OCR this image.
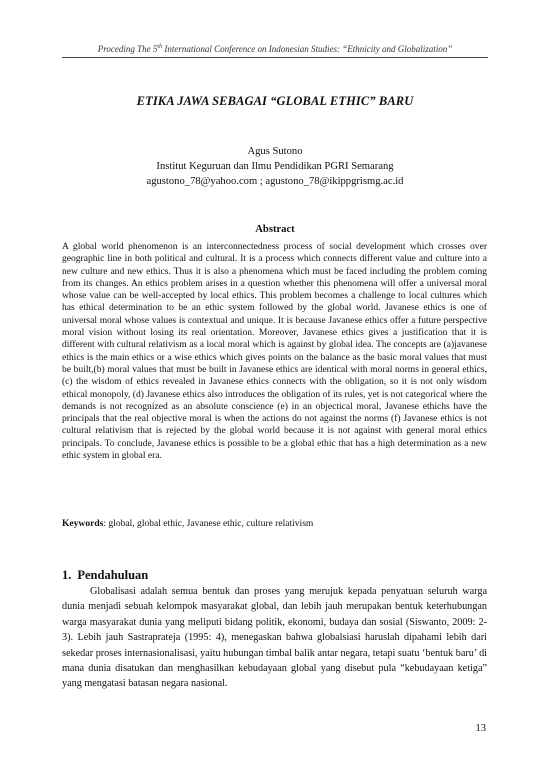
Proceding The 5th International Conference on Indonesian Studies: “Ethnicity and Globalization”
ETIKA JAWA SEBAGAI “GLOBAL ETHIC” BARU
Agus Sutono
Institut Keguruan dan Ilmu Pendidikan PGRI Semarang
agustono_78@yahoo.com ; agustono_78@ikippgrismg.ac.id
Abstract

A global world phenomenon is an interconnectedness process of social development which crosses over geographic line in both political and cultural. It is a process which connects different value and culture into a new culture and new ethics. Thus it is also a phenomena which must be faced including the problem coming from its changes. An ethics problem arises in a question whether this phenomena will offer a universal moral whose value can be well-accepted by local ethics. This problem becomes a challenge to local cultures which has ethical determination to be an ethic system followed by the global world. Javanese ethics is one of universal moral whose values is contextual and unique. It is because Javanese ethics offer a future perspective moral vision without losing its real orientation. Moreover, Javanese ethics gives a justification that it is different with cultural relativism as a local moral which is against by global idea. The concepts are (a)javanese ethics is the main ethics or a wise ethics which gives points on the balance as the basic moral values that must be built,(b) moral values that must be built in Javanese ethics are identical with moral norms in general ethics, (c) the wisdom of ethics revealed in Javanese ethics connects with the obligation, so it is not only wisdom ethical monopoly, (d) Javanese ethics also introduces the obligation of its rules, yet is not categorical where the demands is not recognized as an absolute conscience (e) in an objectical moral, Javanese ethichs have the principals that the real objective moral is when the actions do not against the norms (f) Javanese ethics is not cultural relativism that is rejected by the global world because it is not against with general moral ethics principals. To conclude, Javanese ethics is possible to be a global ethic that has a high determination as a new ethic system in global era.

Keywords: global, global ethic, Javanese ethic, culture relativism
1. Pendahuluan

Globalisasi adalah semua bentuk dan proses yang merujuk kepada penyatuan seluruh warga dunia menjadi sebuah kelompok masyarakat global, dan lebih jauh merupakan bentuk keterhubungan warga masyarakat dunia yang meliputi bidang politik, ekonomi, budaya dan sosial (Siswanto, 2009: 2-3). Lebih jauh Sastraprateja (1995: 4), menegaskan bahwa globalsiasi haruslah dipahami lebih dari sekedar proses internasionalisasi, yaitu hubungan timbal balik antar negara, tetapi suatu ‘bentuk baru’ di mana dunia disatukan dan menghasilkan kebudayaan global yang disebut pula “kebudayaan ketiga” yang mengatasi batasan negara nasional.

13
